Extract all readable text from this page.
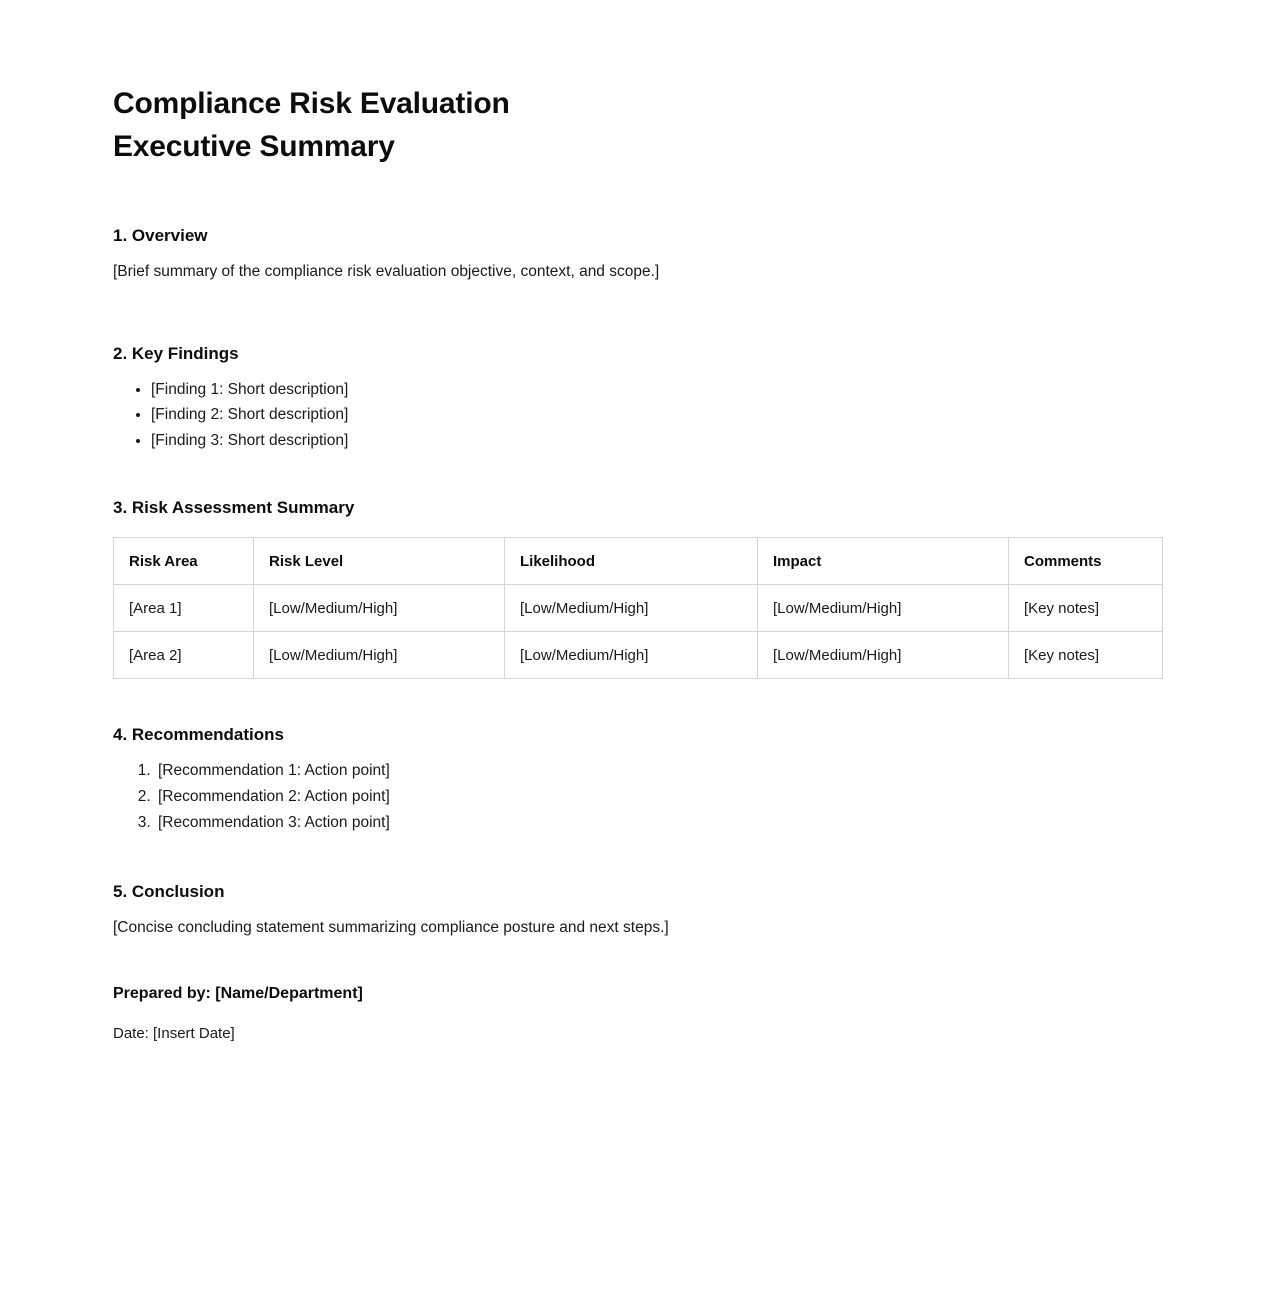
Compliance Risk Evaluation
Executive Summary
1. Overview

[Brief summary of the compliance risk evaluation objective, context, and scope.]

2. Key Findings
• [Finding 1: Short description]
• [Finding 2: Short description]
• [Finding 3: Short description]
3. Risk Assessment Summary
Risk Area	Risk Level	Likelihood	Impact	Comments
[Area 1]	[Low/Medium/High]	[Low/Medium/High]	[Low/Medium/High]	[Key notes]
[Area 2]	[Low/Medium/High]	[Low/Medium/High]	[Low/Medium/High]	[Key notes]
4. Recommendations
1. [Recommendation 1: Action point]
2. [Recommendation 2: Action point]
3. [Recommendation 3: Action point]
5. Conclusion

[Concise concluding statement summarizing compliance posture and next steps.]

Prepared by: [Name/Department]
Date: [Insert Date]
